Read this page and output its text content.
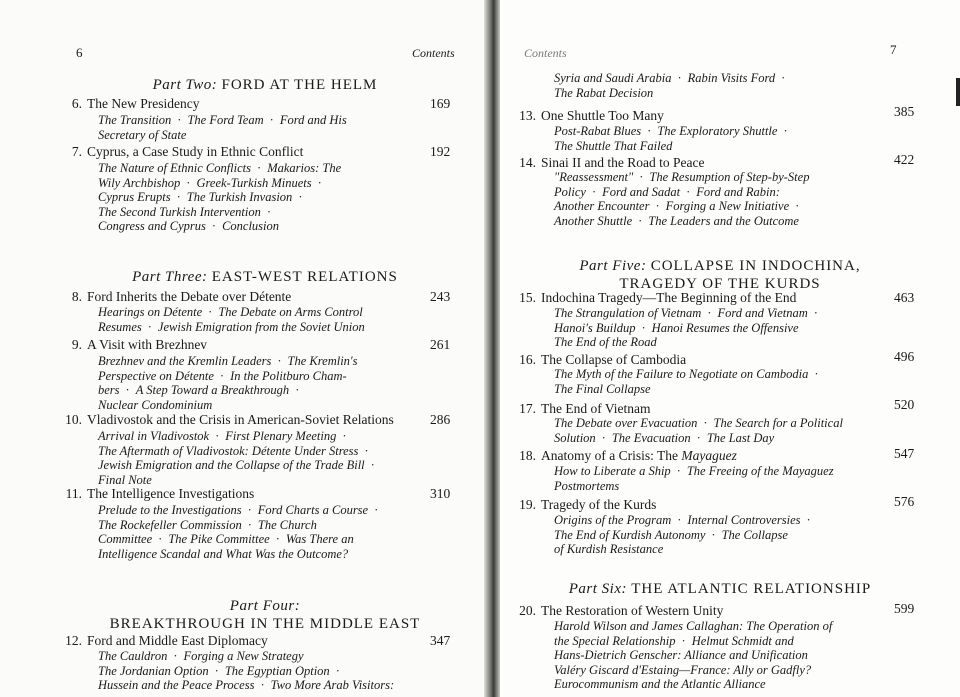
6	Contents
Part Two: FORD AT THE HELM
6. The New Presidency	169
The Transition · The Ford Team · Ford and His
Secretary of State
7. Cyprus, a Case Study in Ethnic Conflict	192
The Nature of Ethnic Conflicts · Makarios: The
Wily Archbishop · Greek-Turkish Minuets ·
Cyprus Erupts · The Turkish Invasion ·
The Second Turkish Intervention ·
Congress and Cyprus · Conclusion
Part Three: EAST-WEST RELATIONS
8. Ford Inherits the Debate over Détente	243
Hearings on Détente · The Debate on Arms Control
Resumes · Jewish Emigration from the Soviet Union
9. A Visit with Brezhnev	261
Brezhnev and the Kremlin Leaders · The Kremlin's
Perspective on Détente · In the Politburo Cham-
bers · A Step Toward a Breakthrough ·
Nuclear Condominium
10. Vladivostok and the Crisis in American-Soviet Relations	286
Arrival in Vladivostok · First Plenary Meeting ·
The Aftermath of Vladivostok: Détente Under Stress ·
Jewish Emigration and the Collapse of the Trade Bill ·
Final Note
11. The Intelligence Investigations	310
Prelude to the Investigations · Ford Charts a Course ·
The Rockefeller Commission · The Church
Committee · The Pike Committee · Was There an
Intelligence Scandal and What Was the Outcome?
Part Four:
BREAKTHROUGH IN THE MIDDLE EAST
12. Ford and Middle East Diplomacy	347
The Cauldron · Forging a New Strategy
The Jordanian Option · The Egyptian Option ·
Hussein and the Peace Process · Two More Arab Visitors:
Contents	7
Syria and Saudi Arabia · Rabin Visits Ford ·
The Rabat Decision
13. One Shuttle Too Many	385
Post-Rabat Blues · The Exploratory Shuttle ·
The Shuttle That Failed
14. Sinai II and the Road to Peace	422
"Reassessment" · The Resumption of Step-by-Step
Policy · Ford and Sadat · Ford and Rabin:
Another Encounter · Forging a New Initiative ·
Another Shuttle · The Leaders and the Outcome
Part Five: COLLAPSE IN INDOCHINA,
TRAGEDY OF THE KURDS
15. Indochina Tragedy—The Beginning of the End	463
The Strangulation of Vietnam · Ford and Vietnam ·
Hanoi's Buildup · Hanoi Resumes the Offensive
The End of the Road
16. The Collapse of Cambodia	496
The Myth of the Failure to Negotiate on Cambodia ·
The Final Collapse
17. The End of Vietnam	520
The Debate over Evacuation · The Search for a Political
Solution · The Evacuation · The Last Day
18. Anatomy of a Crisis: The Mayaguez	547
How to Liberate a Ship · The Freeing of the Mayaguez
Postmortems
19. Tragedy of the Kurds	576
Origins of the Program · Internal Controversies ·
The End of Kurdish Autonomy · The Collapse
of Kurdish Resistance
Part Six: THE ATLANTIC RELATIONSHIP
20. The Restoration of Western Unity	599
Harold Wilson and James Callaghan: The Operation of
the Special Relationship · Helmut Schmidt and
Hans-Dietrich Genscher: Alliance and Unification
Valéry Giscard d'Estaing—France: Ally or Gadfly?
Eurocommunism and the Atlantic Alliance
